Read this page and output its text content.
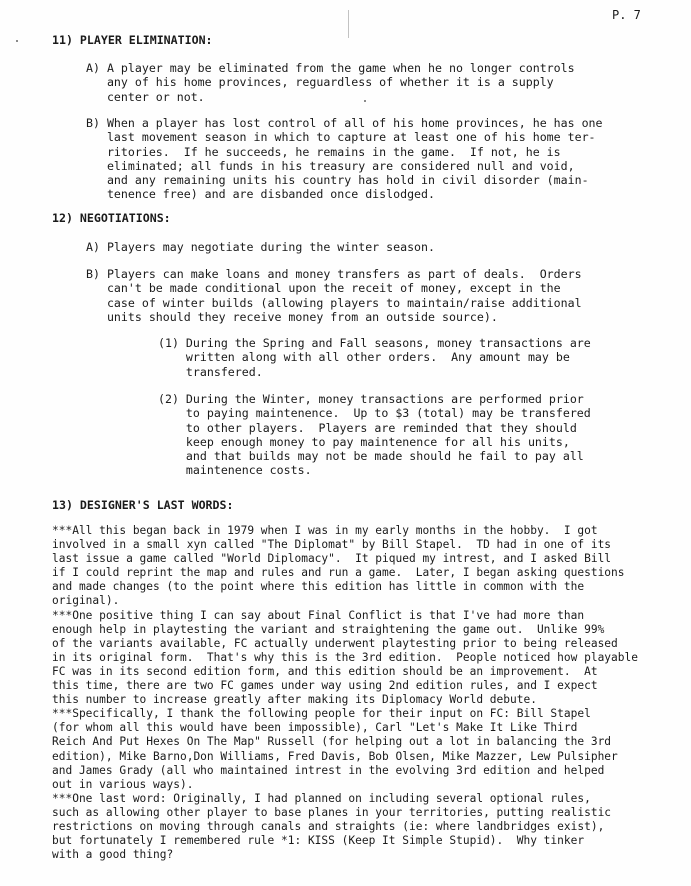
P. 7
11) PLAYER ELIMINATION:
A) A player may be eliminated from the game when he no longer controls
any of his home provinces, reguardless of whether it is a supply
center or not.
B) When a player has lost control of all of his home provinces, he has one
last movement season in which to capture at least one of his home ter-
ritories.  If he succeeds, he remains in the game.  If not, he is
eliminated; all funds in his treasury are considered null and void,
and any remaining units his country has hold in civil disorder (main-
tenence free) and are disbanded once dislodged.
12) NEGOTIATIONS:
A) Players may negotiate during the winter season.
B) Players can make loans and money transfers as part of deals.  Orders
can't be made conditional upon the receit of money, except in the
case of winter builds (allowing players to maintain/raise additional
units should they receive money from an outside source).
(1) During the Spring and Fall seasons, money transactions are
written along with all other orders.  Any amount may be
transfered.
(2) During the Winter, money transactions are performed prior
to paying maintenence.  Up to $3 (total) may be transfered
to other players.  Players are reminded that they should
keep enough money to pay maintenence for all his units,
and that builds may not be made should he fail to pay all
maintenence costs.
13) DESIGNER'S LAST WORDS:
***All this began back in 1979 when I was in my early months in the hobby.  I got
involved in a small xyn called "The Diplomat" by Bill Stapel.  TD had in one of its
last issue a game called "World Diplomacy".  It piqued my intrest, and I asked Bill
if I could reprint the map and rules and run a game.  Later, I began asking questions
and made changes (to the point where this edition has little in common with the
original).
***One positive thing I can say about Final Conflict is that I've had more than
enough help in playtesting the variant and straightening the game out.  Unlike 99%
of the variants available, FC actually underwent playtesting prior to being released
in its original form.  That's why this is the 3rd edition.  People noticed how playable
FC was in its second edition form, and this edition should be an improvement.  At
this time, there are two FC games under way using 2nd edition rules, and I expect
this number to increase greatly after making its Diplomacy World debute.
***Specifically, I thank the following people for their input on FC: Bill Stapel
(for whom all this would have been impossible), Carl "Let's Make It Like Third
Reich And Put Hexes On The Map" Russell (for helping out a lot in balancing the 3rd
edition), Mike Barno,Don Williams, Fred Davis, Bob Olsen, Mike Mazzer, Lew Pulsipher
and James Grady (all who maintained intrest in the evolving 3rd edition and helped
out in various ways).
***One last word: Originally, I had planned on including several optional rules,
such as allowing other player to base planes in your territories, putting realistic
restrictions on moving through canals and straights (ie: where landbridges exist),
but fortunately I remembered rule *1: KISS (Keep It Simple Stupid).  Why tinker
with a good thing?
